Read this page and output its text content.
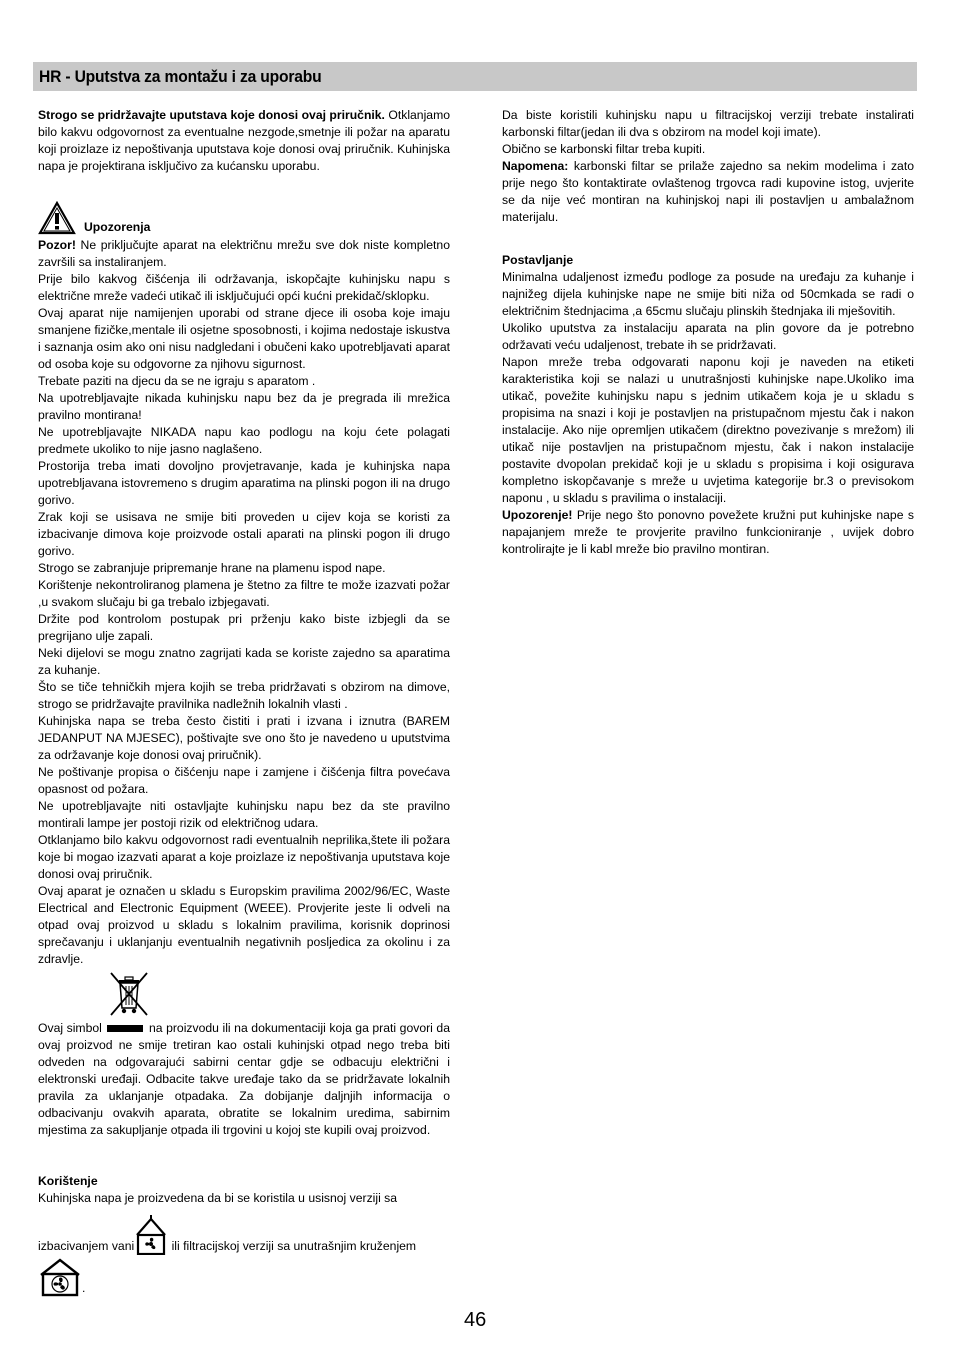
HR - Uputstva za montažu i za uporabu

Strogo se pridržavajte uputstava koje donosi ovaj priručnik. Otklanjamo bilo kakvu odgovornost za eventualne nezgode,smetnje ili požar na aparatu koji proizlaze iz nepoštivanja uputstava koje donosi ovaj priručnik. Kuhinjska napa je projektirana isključivo za kućansku uporabu.

Upozorenja

Pozor! Ne priključujte aparat na električnu mrežu sve dok niste kompletno završili sa instaliranjem.

Prije bilo kakvog čišćenja ili održavanja, iskopčajte kuhinjsku napu s električne mreže vadeći utikač ili isključujući opći kućni prekidač/sklopku.

Ovaj aparat nije namijenjen uporabi od strane djece ili osoba koje imaju smanjene fizičke,mentale ili osjetne sposobnosti, i kojima nedostaje iskustva i saznanja osim ako oni nisu nadgledani i obučeni kako upotrebljavati aparat od osoba koje su odgovorne za njihovu sigurnost.

Trebate paziti na djecu da se ne igraju s aparatom .

Na upotrebljavajte nikada kuhinjsku napu bez da je pregrada ili mrežica pravilno montirana!

Ne upotrebljavajte NIKADA napu kao podlogu na koju ćete polagati predmete ukoliko to nije jasno naglašeno.

Prostorija treba imati dovoljno provjetravanje, kada je kuhinjska napa upotrebljavana istovremeno s drugim aparatima na plinski pogon ili na drugo gorivo.

Zrak koji se usisava ne smije biti proveden u cijev koja se koristi za izbacivanje dimova koje proizvode ostali aparati na plinski pogon ili drugo gorivo.

Strogo se zabranjuje pripremanje hrane na plamenu ispod nape.

Korištenje nekontroliranog plamena je štetno za filtre te može izazvati požar ,u svakom slučaju bi ga trebalo izbjegavati.

Držite pod kontrolom postupak pri prženju kako biste izbjegli da se pregrijano ulje zapali.

Neki dijelovi se mogu znatno zagrijati kada se koriste zajedno sa aparatima za kuhanje.

Što se tiče tehničkih mjera kojih se treba pridržavati s obzirom na dimove, strogo se pridržavajte pravilnika nadležnih lokalnih vlasti .

Kuhinjska napa se treba često čistiti i prati i izvana i iznutra (BAREM JEDANPUT NA MJESEC), poštivajte sve ono što je navedeno u uputstvima za održavanje koje donosi ovaj priručnik).

Ne poštivanje propisa o čišćenju nape i zamjene i čišćenja filtra povećava opasnost od požara.

Ne upotrebljavajte niti ostavljajte kuhinjsku napu bez da ste pravilno montirali lampe jer postoji rizik od električnog udara.

Otklanjamo bilo kakvu odgovornost radi eventualnih neprilika,štete ili požara koje bi mogao izazvati aparat a koje proizlaze iz nepoštivanja uputstava koje donosi ovaj priručnik.

Ovaj aparat je označen u skladu s Europskim pravilima 2002/96/EC, Waste Electrical and Electronic Equipment (WEEE). Provjerite jeste li odveli na otpad ovaj proizvod u skladu s lokalnim pravilima, korisnik doprinosi sprečavanju i uklanjanju eventualnih negativnih posljedica za okolinu i za zdravlje.

Ovaj simbol	na proizvodu ili na dokumentaciji koja ga prati govori da ovaj proizvod ne smije tretiran kao ostali kuhinjski otpad nego treba biti odveden na odgovarajući sabirni centar gdje se odbacuju električni i elektronski uređaji. Odbacite takve uređaje tako da se pridržavate lokalnih pravila za uklanjanje otpadaka. Za dobijanje daljnjih informacija o odbacivanju ovakvih aparata, obratite se lokalnim uredima, sabirnim mjestima za sakupljanje otpada ili trgovini u kojoj ste kupili ovaj proizvod.

Korištenje

Kuhinjska napa je proizvedena da bi se koristila u usisnoj verziji sa

izbacivanjem vani	ili filtracijskoj verziji sa unutrašnjim kruženjem

.

Da biste koristili kuhinjsku napu u filtracijskoj verziji trebate instalirati karbonski filtar(jedan ili dva s obzirom na model koji imate).

Obično se karbonski filtar treba kupiti.

Napomena: karbonski filtar se prilaže zajedno sa nekim modelima i zato prije nego što kontaktirate ovlaštenog trgovca radi kupovine istog, uvjerite se da nije već montiran na kuhinjskoj napi ili postavljen u ambalažnom materijalu.

Postavljanje

Minimalna udaljenost između podloge za posude na uređaju za kuhanje i najnižeg dijela kuhinjske nape ne smije biti niža od 50cmkada se radi o električnim štednjacima ,a 65cmu slučaju plinskih štednjaka ili mješovitih.

Ukoliko uputstva za instalaciju aparata na plin govore da je potrebno održavati veću udaljenost, trebate ih se pridržavati.

Napon mreže treba odgovarati naponu koji je naveden na etiketi karakteristika koji se nalazi u unutrašnjosti kuhinjske nape.Ukoliko ima utikač, povežite kuhinjsku napu s jednim utikačem koja je u skladu s propisima na snazi i koji je postavljen na pristupačnom mjestu čak i nakon instalacije. Ako nije opremljen utikačem (direktno povezivanje s mrežom) ili utikač nije postavljen na pristupačnom mjestu, čak i nakon instalacije postavite dvopolan prekidač koji je u skladu s propisima i koji osigurava kompletno iskopčavanje s mreže u uvjetima kategorije br.3 o previsokom naponu , u skladu s pravilima o instalaciji.

Upozorenje! Prije nego što ponovno povežete kružni put kuhinjske nape s napajanjem mreže te provjerite pravilno funkcioniranje , uvijek dobro kontrolirajte je li kabl mreže bio pravilno montiran.

46
